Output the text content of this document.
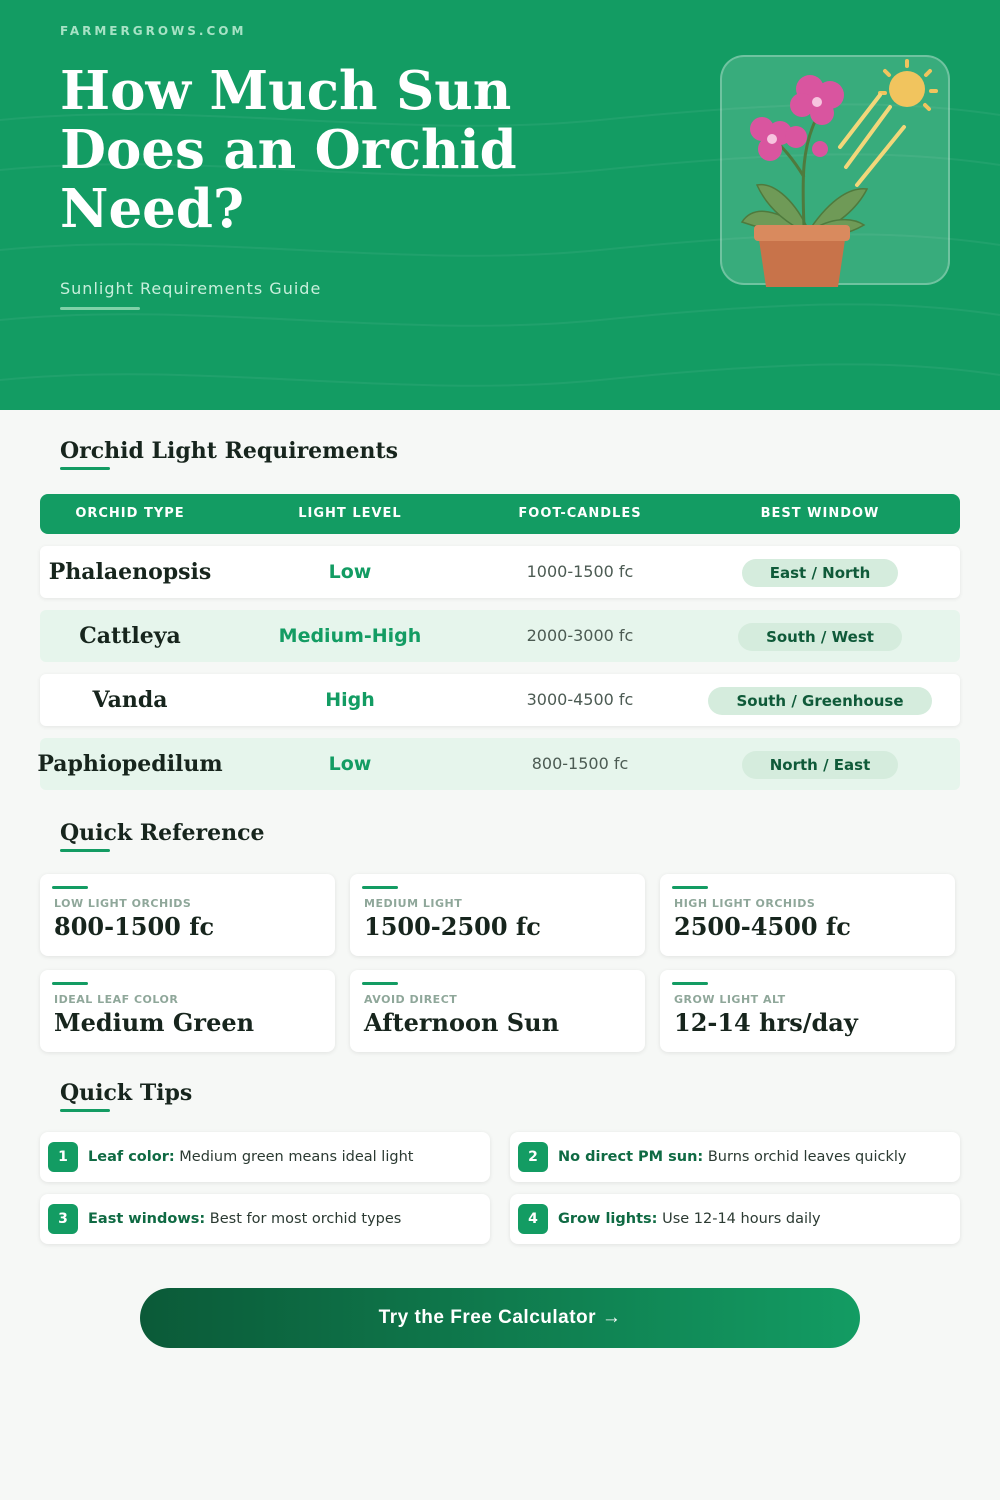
FARMERGROWS.COM
How Much Sun Does an Orchid Need?
Sunlight Requirements Guide
Orchid Light Requirements
ORCHID TYPE	LIGHT LEVEL	FOOT-CANDLES	BEST WINDOW
Phalaenopsis	Low	1000-1500 fc	East / North
Cattleya	Medium-High	2000-3000 fc	South / West
Vanda	High	3000-4500 fc	South / Greenhouse
Paphiopedilum	Low	800-1500 fc	North / East
Quick Reference
LOW LIGHT ORCHIDS
800-1500 fc
MEDIUM LIGHT
1500-2500 fc
HIGH LIGHT ORCHIDS
2500-4500 fc
IDEAL LEAF COLOR
Medium Green
AVOID DIRECT
Afternoon Sun
GROW LIGHT ALT
12-14 hrs/day
Quick Tips
1	Leaf color: Medium green means ideal light	2	No direct PM sun: Burns orchid leaves quickly
3	East windows: Best for most orchid types	4	Grow lights: Use 12-14 hours daily
Try the Free Calculator →
